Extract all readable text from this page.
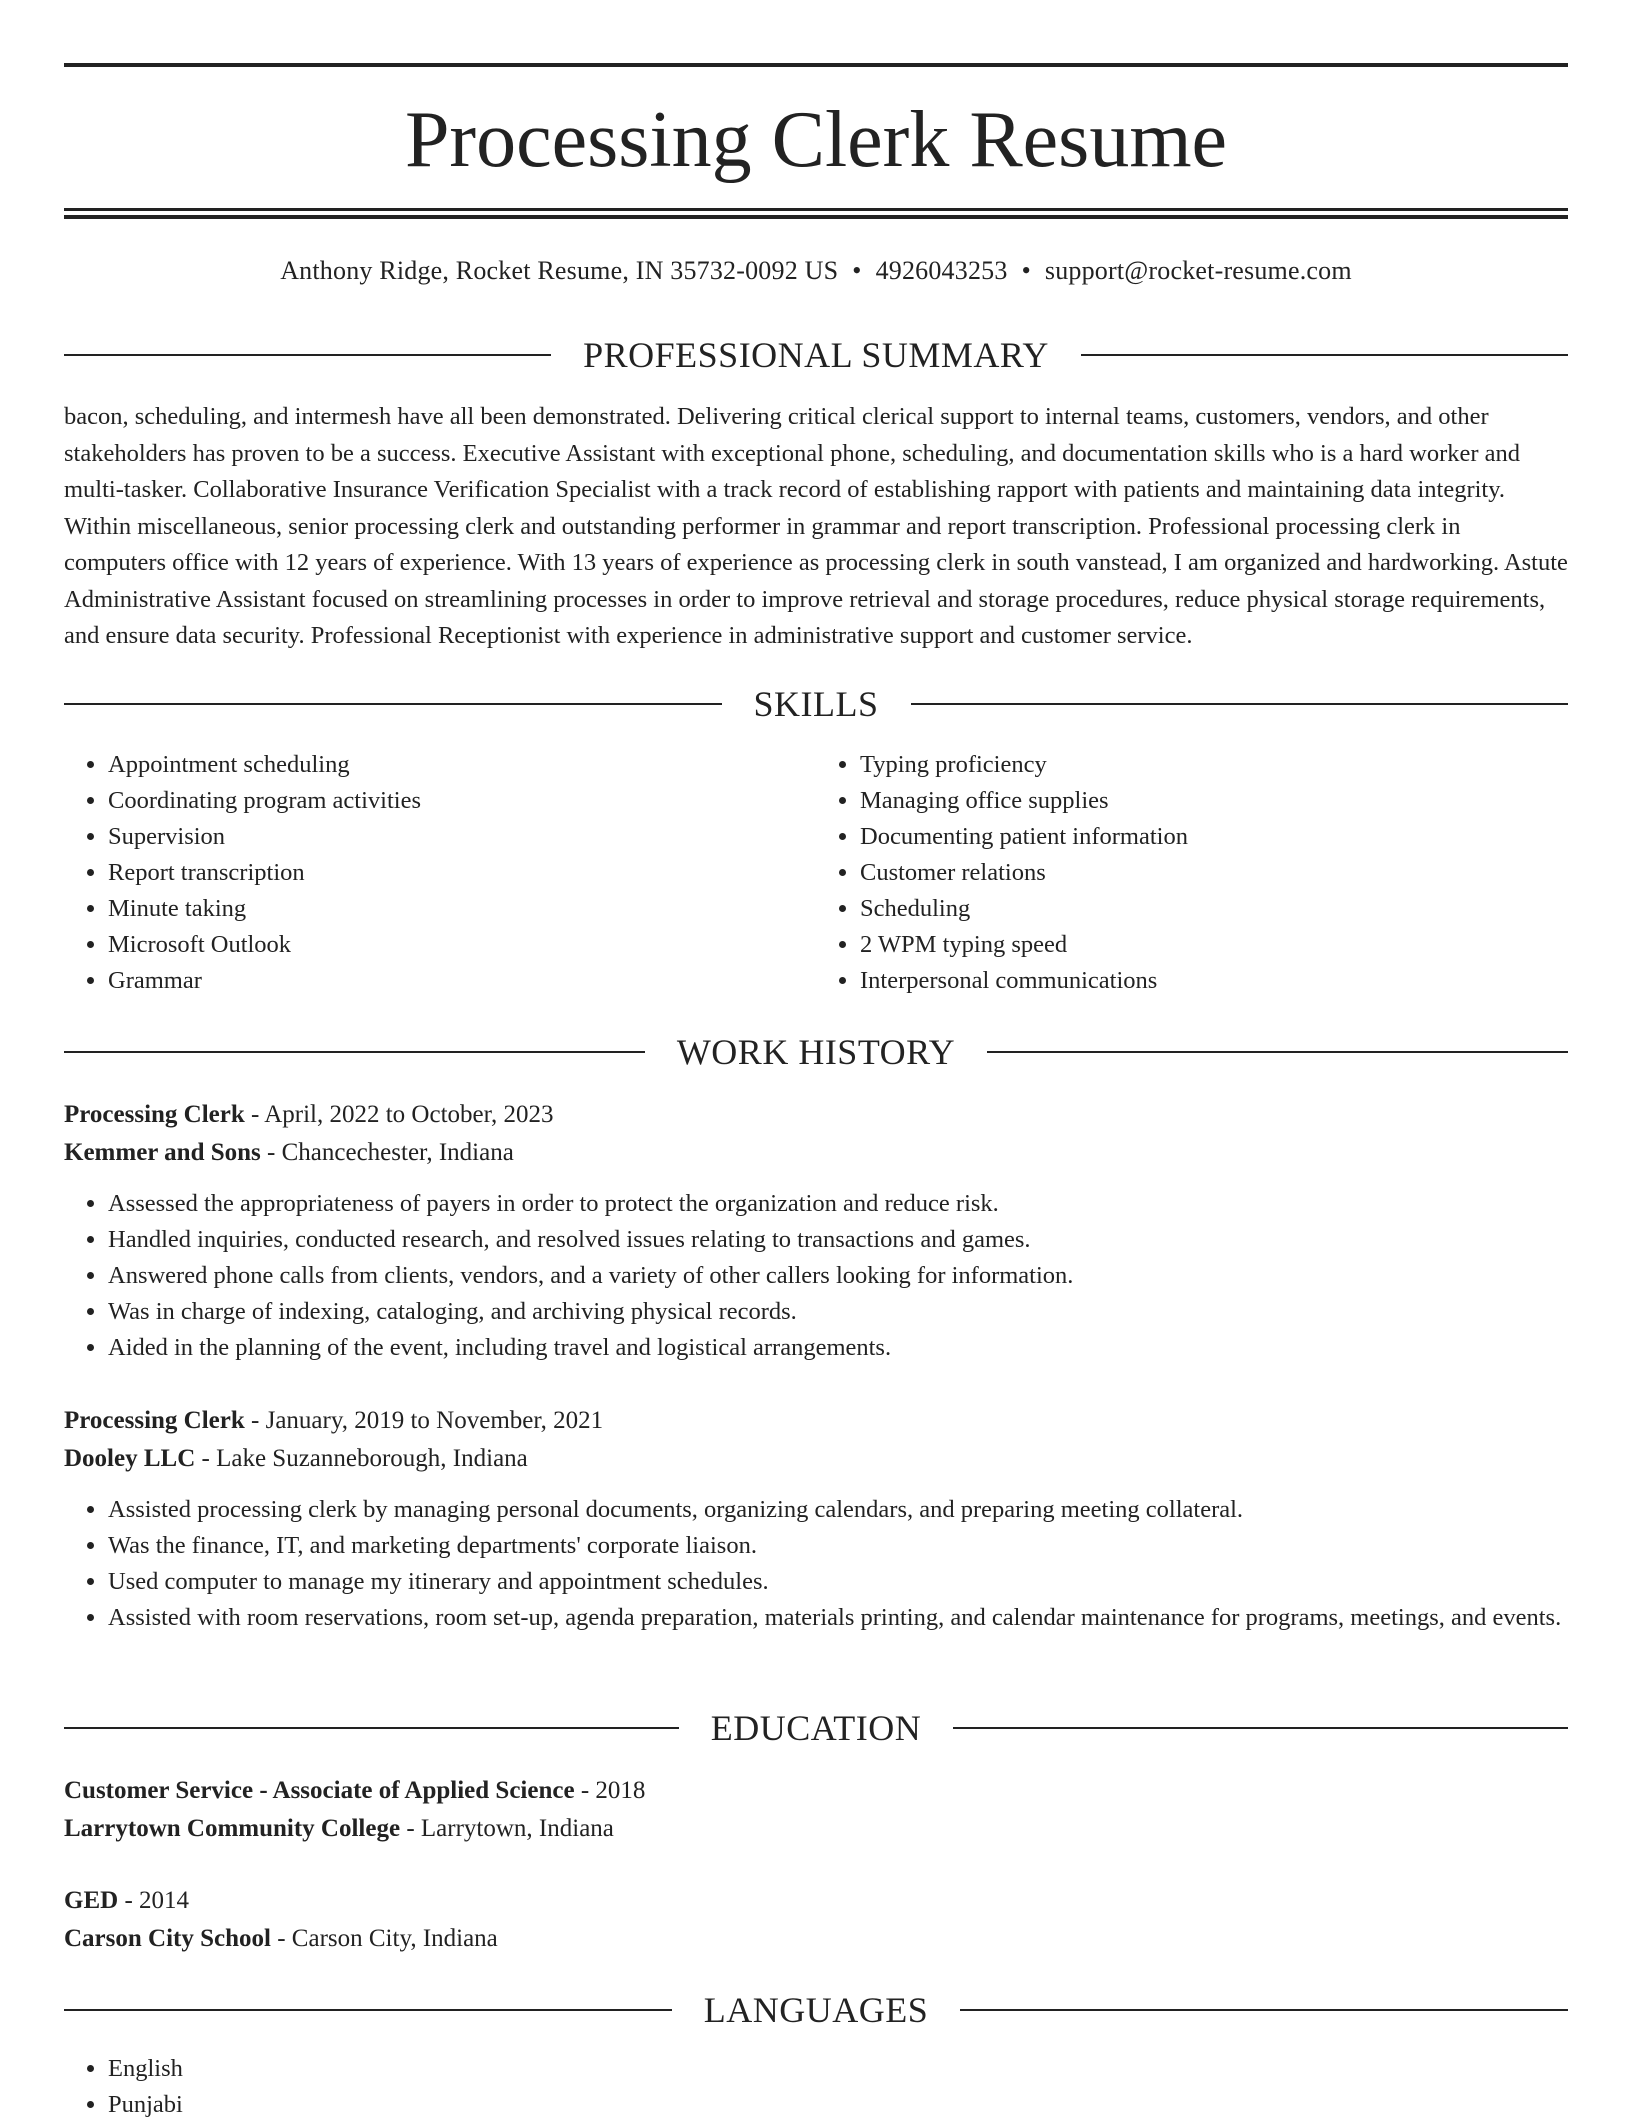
Processing Clerk Resume
Anthony Ridge, Rocket Resume, IN 35732-0092 US • 4926043253 • support@rocket-resume.com
PROFESSIONAL SUMMARY

bacon, scheduling, and intermesh have all been demonstrated. Delivering critical clerical support to internal teams, customers, vendors, and other stakeholders has proven to be a success. Executive Assistant with exceptional phone, scheduling, and documentation skills who is a hard worker and multi-tasker. Collaborative Insurance Verification Specialist with a track record of establishing rapport with patients and maintaining data integrity. Within miscellaneous, senior processing clerk and outstanding performer in grammar and report transcription. Professional processing clerk in computers office with 12 years of experience. With 13 years of experience as processing clerk in south vanstead, I am organized and hardworking. Astute Administrative Assistant focused on streamlining processes in order to improve retrieval and storage procedures, reduce physical storage requirements, and ensure data security. Professional Receptionist with experience in administrative support and customer service.

SKILLS
• Appointment scheduling
• Coordinating program activities
• Supervision
• Report transcription
• Minute taking
• Microsoft Outlook
• Grammar
• Typing proficiency
• Managing office supplies
• Documenting patient information
• Customer relations
• Scheduling
• 2 WPM typing speed
• Interpersonal communications
WORK HISTORY
Processing Clerk - April, 2022 to October, 2023
Kemmer and Sons - Chancechester, Indiana
• Assessed the appropriateness of payers in order to protect the organization and reduce risk.
• Handled inquiries, conducted research, and resolved issues relating to transactions and games.
• Answered phone calls from clients, vendors, and a variety of other callers looking for information.
• Was in charge of indexing, cataloging, and archiving physical records.
• Aided in the planning of the event, including travel and logistical arrangements.
Processing Clerk - January, 2019 to November, 2021
Dooley LLC - Lake Suzanneborough, Indiana
• Assisted processing clerk by managing personal documents, organizing calendars, and preparing meeting collateral.
• Was the finance, IT, and marketing departments' corporate liaison.
• Used computer to manage my itinerary and appointment schedules.
• Assisted with room reservations, room set-up, agenda preparation, materials printing, and calendar maintenance for programs, meetings, and events.
EDUCATION
Customer Service - Associate of Applied Science - 2018
Larrytown Community College - Larrytown, Indiana
GED - 2014
Carson City School - Carson City, Indiana
LANGUAGES
• English
• Punjabi
